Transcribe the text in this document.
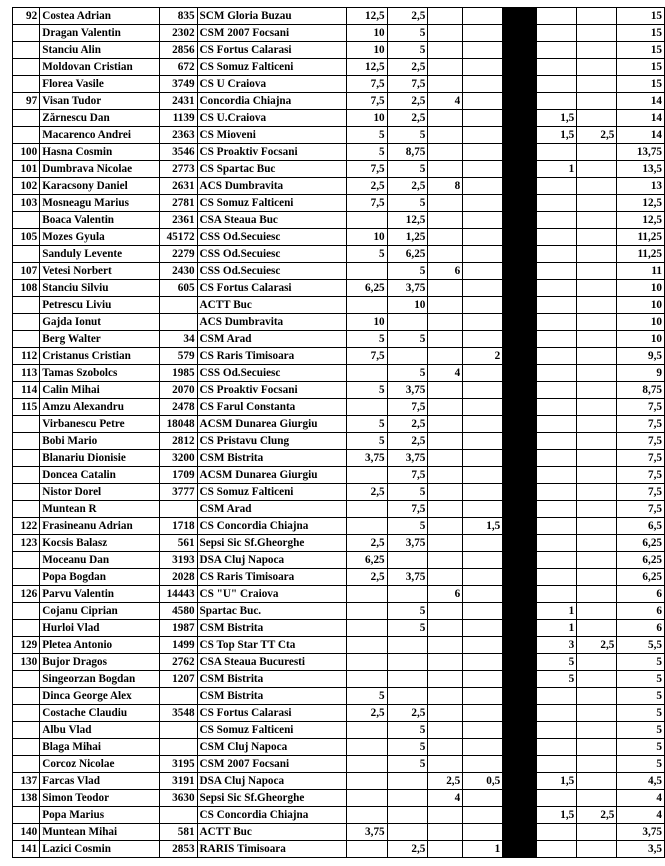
92	Costea Adrian	835	SCM Gloria Buzau	12,5	2,5						15
	Dragan Valentin	2302	CSM 2007 Focsani	10	5						15
	Stanciu Alin	2856	CS Fortus Calarasi	10	5						15
	Moldovan Cristian	672	CS Somuz Falticeni	12,5	2,5						15
	Florea Vasile	3749	CS U Craiova	7,5	7,5						15
97	Visan Tudor	2431	Concordia Chiajna	7,5	2,5	4					14
	Zărnescu Dan	1139	CS U.Craiova	10	2,5				1,5		14
	Macarenco Andrei	2363	CS Mioveni	5	5				1,5	2,5	14
100	Hasna Cosmin	3546	CS Proaktiv Focsani	5	8,75						13,75
101	Dumbrava Nicolae	2773	CS Spartac Buc	7,5	5				1		13,5
102	Karacsony Daniel	2631	ACS Dumbravita	2,5	2,5	8					13
103	Mosneagu Marius	2781	CS Somuz Falticeni	7,5	5						12,5
	Boaca Valentin	2361	CSA Steaua Buc		12,5						12,5
105	Mozes Gyula	45172	CSS Od.Secuiesc	10	1,25						11,25
	Sanduly Levente	2279	CSS Od.Secuiesc	5	6,25						11,25
107	Vetesi Norbert	2430	CSS Od.Secuiesc		5	6					11
108	Stanciu Silviu	605	CS Fortus Calarasi	6,25	3,75						10
	Petrescu Liviu		ACTT Buc		10						10
	Gajda Ionut		ACS Dumbravita	10							10
	Berg Walter	34	CSM Arad	5	5						10
112	Cristanus Cristian	579	CS Raris Timisoara	7,5			2				9,5
113	Tamas Szobolcs	1985	CSS Od.Secuiesc		5	4					9
114	Calin Mihai	2070	CS Proaktiv Focsani	5	3,75						8,75
115	Amzu Alexandru	2478	CS Farul Constanta		7,5						7,5
	Virbanescu Petre	18048	ACSM Dunarea Giurgiu	5	2,5						7,5
	Bobi Mario	2812	CS Pristavu Clung	5	2,5						7,5
	Blanariu Dionisie	3200	CSM Bistrita	3,75	3,75						7,5
	Doncea Catalin	1709	ACSM Dunarea Giurgiu		7,5						7,5
	Nistor Dorel	3777	CS Somuz Falticeni	2,5	5						7,5
	Muntean R		CSM Arad		7,5						7,5
122	Frasineanu Adrian	1718	CS Concordia Chiajna		5		1,5				6,5
123	Kocsis Balasz	561	Sepsi Sic Sf.Gheorghe	2,5	3,75						6,25
	Moceanu Dan	3193	DSA Cluj Napoca	6,25							6,25
	Popa Bogdan	2028	CS Raris Timisoara	2,5	3,75						6,25
126	Parvu Valentin	14443	CS "U" Craiova			6					6
	Cojanu Ciprian	4580	Spartac Buc.		5				1		6
	Hurloi Vlad	1987	CSM Bistrita		5				1		6
129	Pletea Antonio	1499	CS Top Star TT Cta						3	2,5	5,5
130	Bujor Dragos	2762	CSA Steaua Bucuresti						5		5
	Singeorzan Bogdan	1207	CSM Bistrita						5		5
	Dinca George Alex		CSM Bistrita	5							5
	Costache Claudiu	3548	CS Fortus Calarasi	2,5	2,5						5
	Albu Vlad		CS Somuz Falticeni		5						5
	Blaga Mihai		CSM Cluj Napoca		5						5
	Corcoz Nicolae	3195	CSM 2007 Focsani		5						5
137	Farcas Vlad	3191	DSA Cluj Napoca			2,5	0,5		1,5		4,5
138	Simon Teodor	3630	Sepsi Sic Sf.Gheorghe			4					4
	Popa Marius		CS Concordia Chiajna						1,5	2,5	4
140	Muntean Mihai	581	ACTT Buc	3,75							3,75
141	Lazici Cosmin	2853	RARIS Timisoara		2,5		1				3,5
